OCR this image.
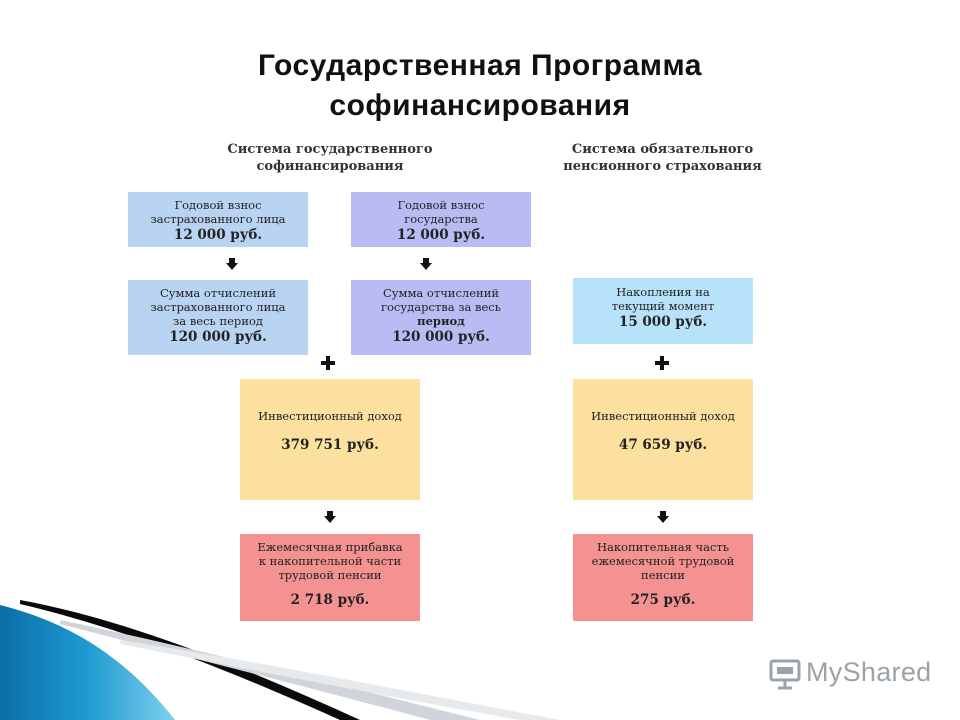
Государственная Программа
софинансирования
Система государственного
софинансирования
Система обязательного
пенсионного страхования
Годовой взнос
застрахованного лица
12 000 руб.
Годовой взнос
государства
12 000 руб.
Сумма отчислений
застрахованного лица
за весь период
120 000 руб.
Сумма отчислений
государства за весь
период
120 000 руб.
Накопления на
текущий момент
15 000 руб.
Инвестиционный доход
379 751 руб.
Инвестиционный доход
47 659 руб.
Ежемесячная прибавка
к накопительной части
трудовой пенсии
2 718 руб.
Накопительная часть
ежемесячной трудовой
пенсии
275 руб.
MyShared
